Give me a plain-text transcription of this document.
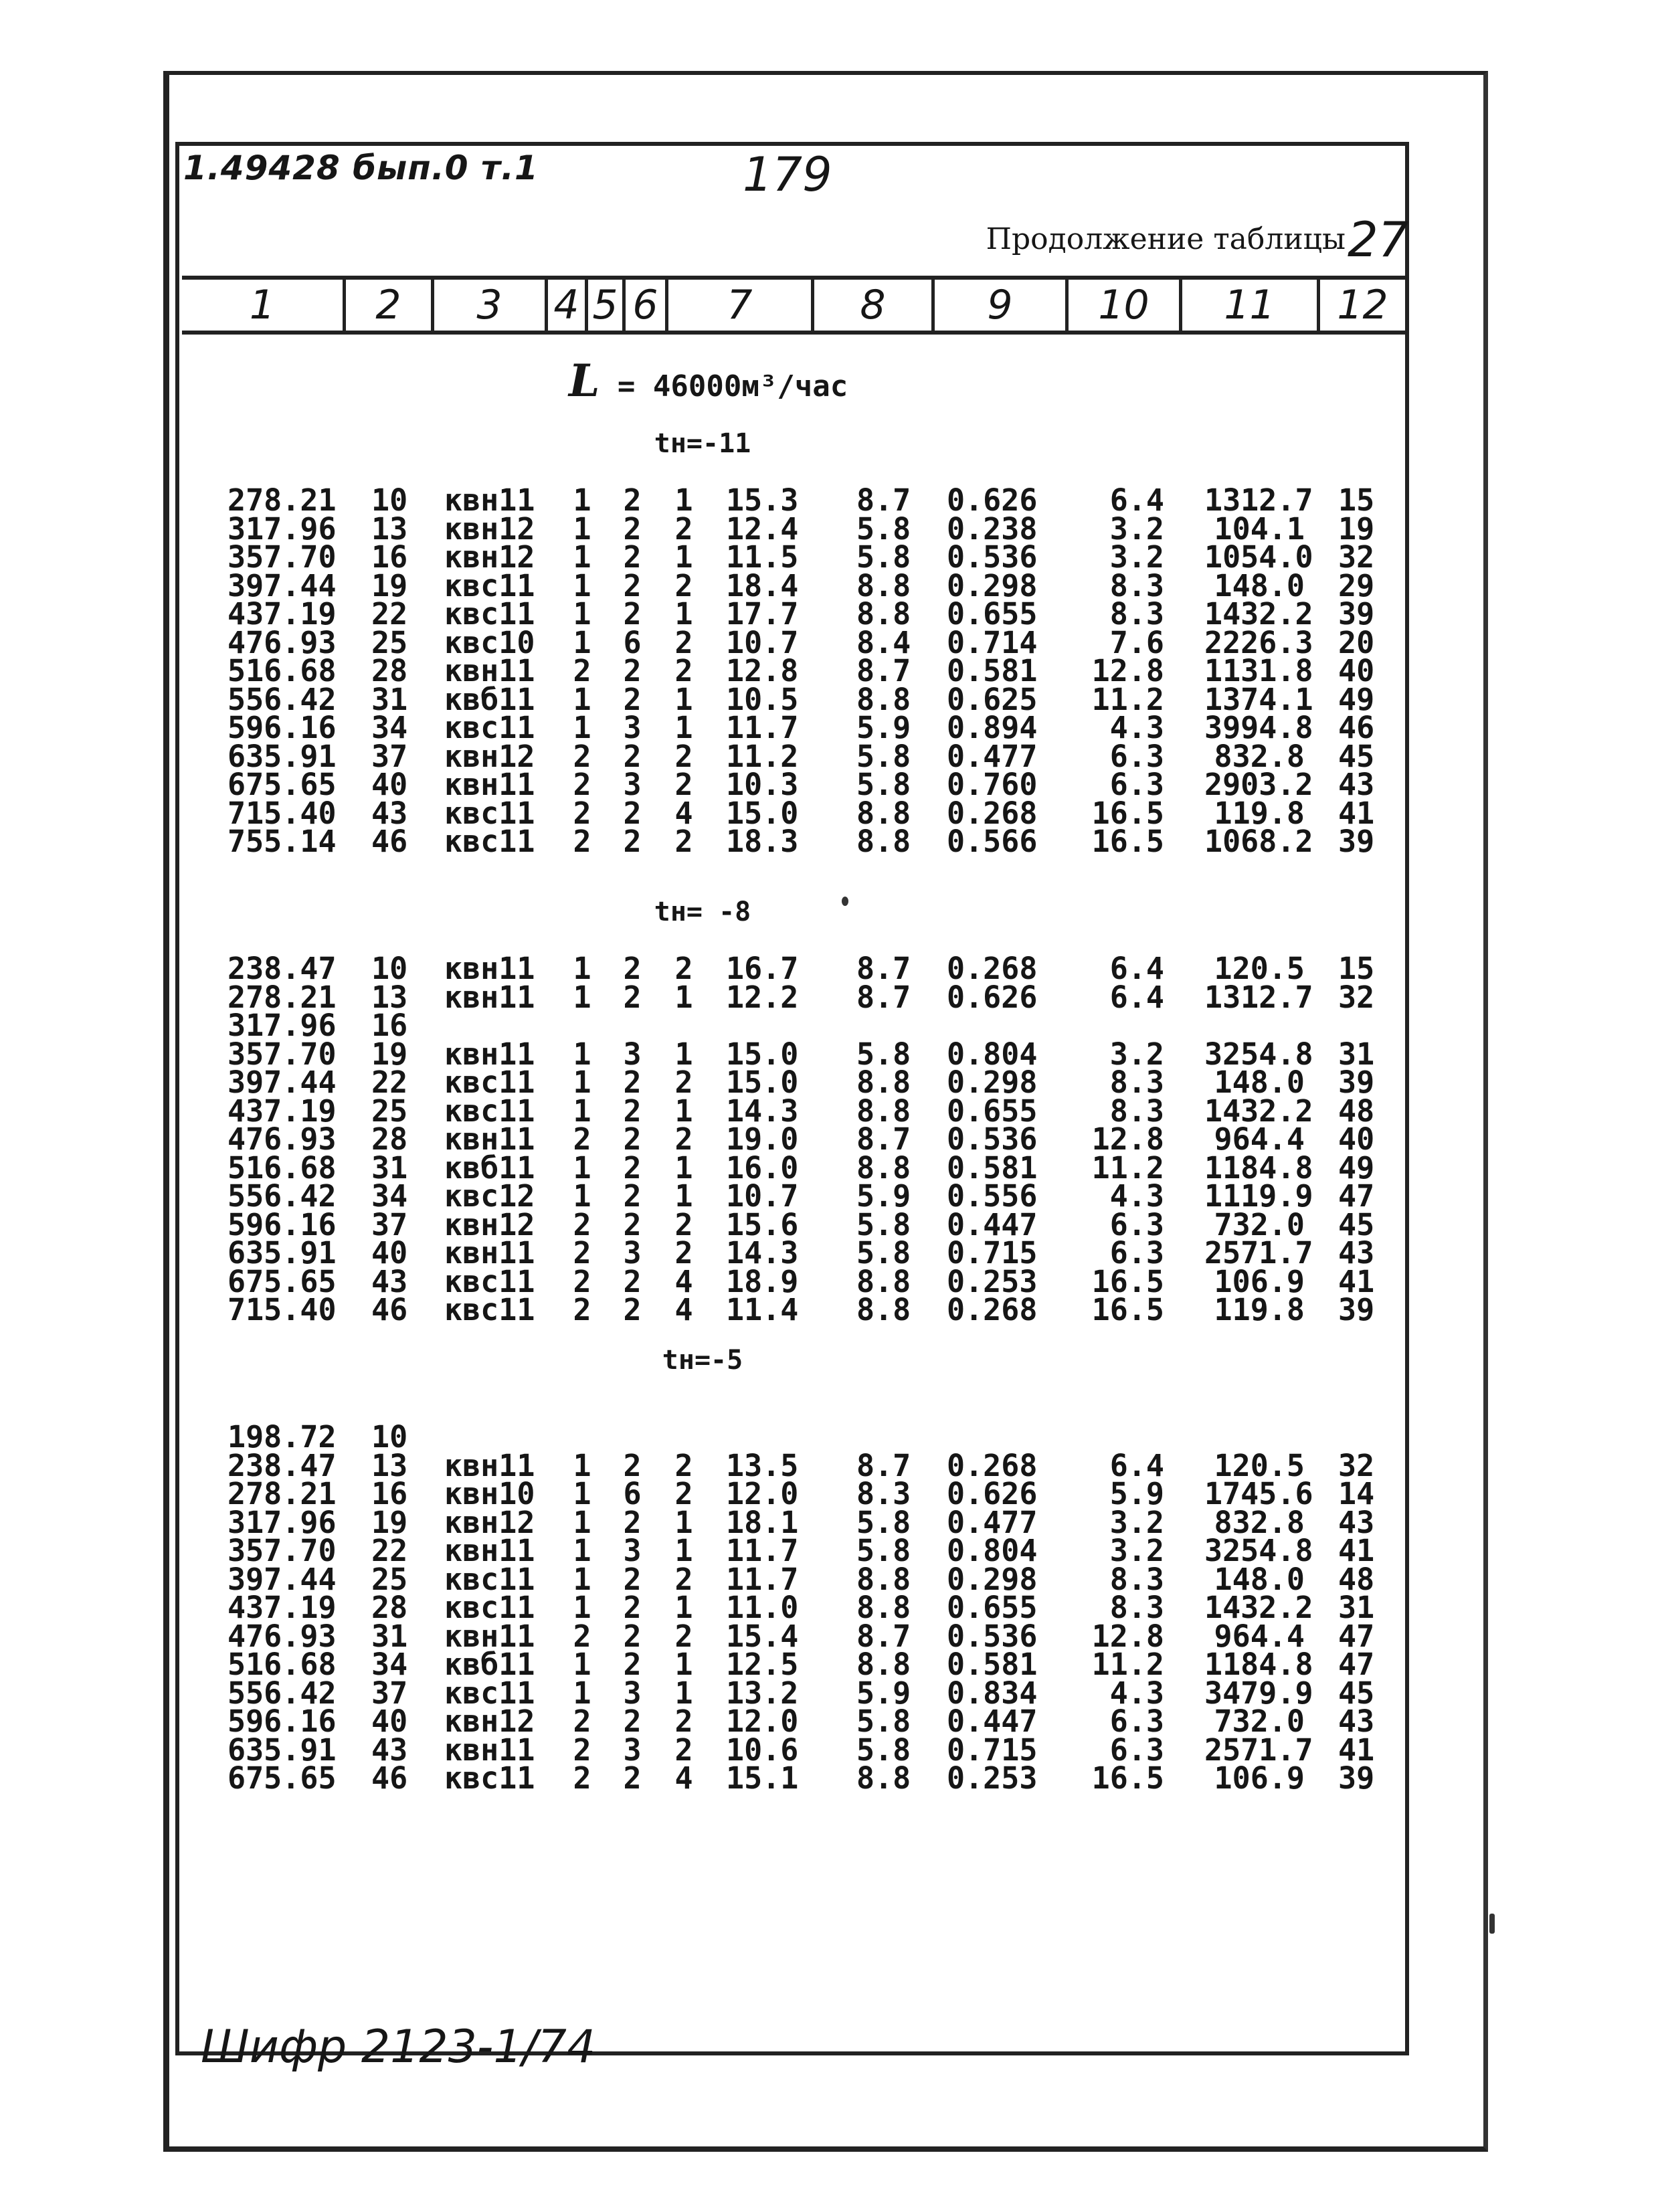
1.49428 бып.0 т.1	179
Продолжение таблицы 27
1	2	3	4 5 6	7	8	9	10	11	12
L = 46000м³/час
tн=-11
278.21 10	квн11	1 2 1 15.3 8.7	0.626	6.4 1312.7 15
317.96 13	квн12	1 2 2 12.4 5.8	0.238	3.2	104.1 19
357.70 16	квн12	1 2 1 11.5 5.8	0.536	3.2 1054.0 32
397.44 19	квс11	1 2 2 18.4 8.8	0.298	8.3	148.0 29
437.19 22	квс11	1 2 1 17.7 8.8	0.655	8.3 1432.2 39
476.93 25	квс10	1 6 2 10.7 8.4	0.714	7.6 2226.3 20
516.68 28	квн11	2 2 2 12.8 8.7	0.581	12.8 1131.8 40
556.42 31	квб11	1 2 1 10.5 8.8	0.625	11.2 1374.1 49
596.16 34	квс11	1 3 1 11.7 5.9	0.894	4.3 3994.8 46
635.91 37	квн12	2 2 2 11.2 5.8	0.477	6.3	832.8 45
675.65 40	квн11	2 3 2 10.3 5.8	0.760	6.3 2903.2 43
715.40 43	квс11	2 2 4 15.0 8.8	0.268	16.5	119.8 41
755.14 46	квс11	2 2 2 18.3 8.8	0.566	16.5 1068.2 39
tн= -8
238.47 10	квн11	1 2 2 16.7 8.7	0.268	6.4	120.5 15
278.21 13	квн11	1 2 1 12.2 8.7	0.626	6.4 1312.7 32
317.96 16
357.70 19	квн11	1 3 1 15.0 5.8	0.804	3.2 3254.8 31
397.44 22	квс11	1 2 2 15.0 8.8	0.298	8.3	148.0 39
437.19 25	квс11	1 2 1 14.3 8.8	0.655	8.3 1432.2 48
476.93 28	квн11	2 2 2 19.0 8.7	0.536	12.8	964.4 40
516.68 31	квб11	1 2 1 16.0 8.8	0.581	11.2 1184.8 49
556.42 34	квс12	1 2 1 10.7 5.9	0.556	4.3 1119.9 47
596.16 37	квн12	2 2 2 15.6 5.8	0.447	6.3	732.0 45
635.91 40	квн11	2 3 2 14.3 5.8	0.715	6.3 2571.7 43
675.65 43	квс11	2 2 4 18.9 8.8	0.253	16.5	106.9 41
715.40 46	квс11	2 2 4 11.4 8.8	0.268	16.5	119.8 39
tн=-5
198.72 10
238.47 13	квн11	1 2 2 13.5 8.7	0.268	6.4	120.5 32
278.21 16	квн10	1 6 2 12.0 8.3	0.626	5.9 1745.6 14
317.96 19	квн12	1 2 1 18.1 5.8	0.477	3.2	832.8 43
357.70 22	квн11	1 3 1 11.7 5.8	0.804	3.2 3254.8 41
397.44 25	квс11	1 2 2 11.7 8.8	0.298	8.3	148.0 48
437.19 28	квс11	1 2 1 11.0 8.8	0.655	8.3 1432.2 31
476.93 31	квн11	2 2 2 15.4 8.7	0.536	12.8	964.4 47
516.68 34	квб11	1 2 1 12.5 8.8	0.581	11.2 1184.8 47
556.42 37	квс11	1 3 1 13.2 5.9	0.834	4.3 3479.9 45
596.16 40	квн12	2 2 2 12.0 5.8	0.447	6.3	732.0 43
635.91 43	квн11	2 3 2 10.6 5.8	0.715	6.3 2571.7 41
675.65 46	квс11	2 2 4 15.1 8.8	0.253	16.5	106.9 39
Шифр 2123-1/74
